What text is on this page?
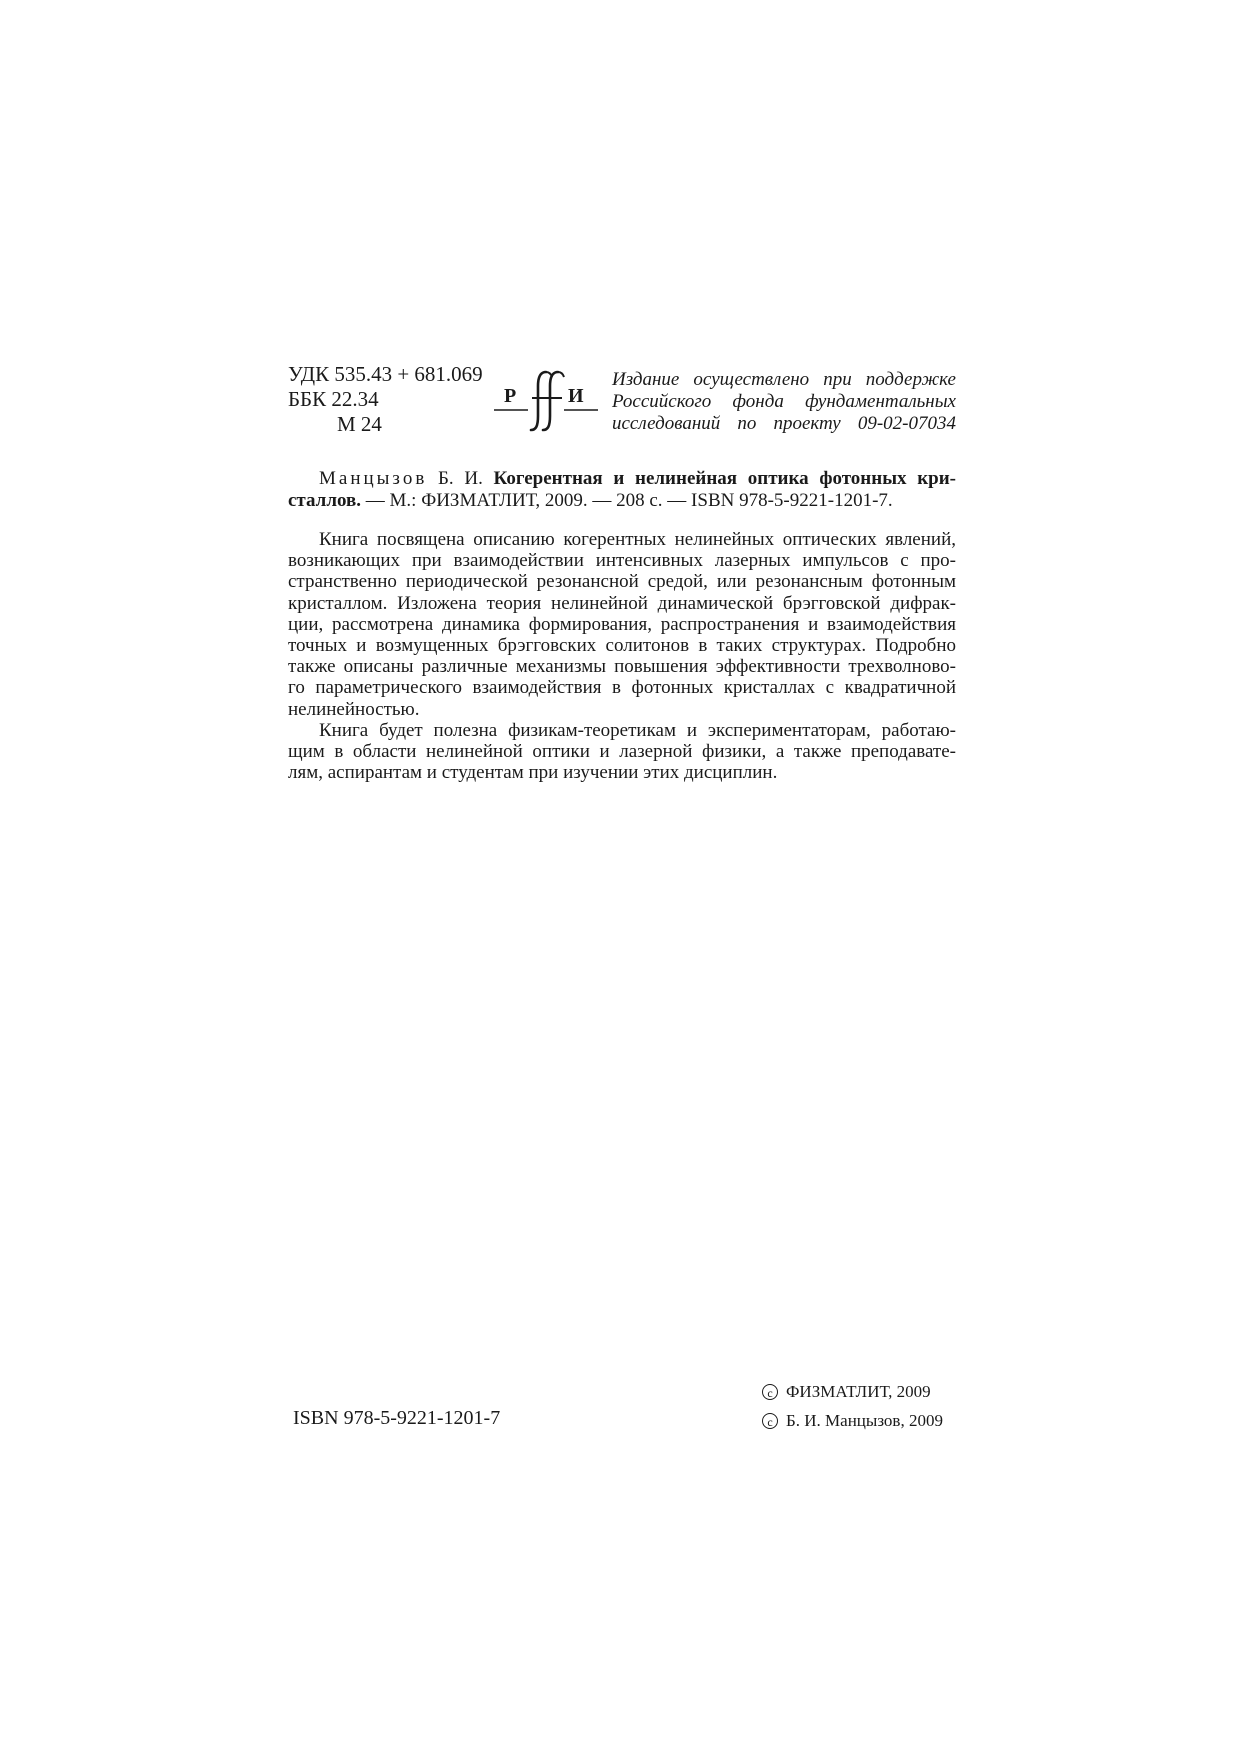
УДК 535.43 + 681.069
ББК 22.34
М 24
Р	И
Издание осуществлено при поддержке
Российского фонда фундаментальных
исследований по проекту 09-02-07034
Манцызов Б. И. Когерентная и нелинейная оптика фотонных кри-
сталлов. — М.: ФИЗМАТЛИТ, 2009. — 208 с. — ISBN 978-5-9221-1201-7.
Книга посвящена описанию когерентных нелинейных оптических явлений,
возникающих при взаимодействии интенсивных лазерных импульсов с про-
странственно периодической резонансной средой, или резонансным фотонным
кристаллом. Изложена теория нелинейной динамической брэгговской дифрак-
ции, рассмотрена динамика формирования, распространения и взаимодействия
точных и возмущенных брэгговских солитонов в таких структурах. Подробно
также описаны различные механизмы повышения эффективности трехволново-
го параметрического взаимодействия в фотонных кристаллах с квадратичной
нелинейностью.
Книга будет полезна физикам-теоретикам и экспериментаторам, работаю-
щим в области нелинейной оптики и лазерной физики, а также преподавате-
лям, аспирантам и студентам при изучении этих дисциплин.
ISBN 978-5-9221-1201-7
c ФИЗМАТЛИТ, 2009
c Б. И. Манцызов, 2009
